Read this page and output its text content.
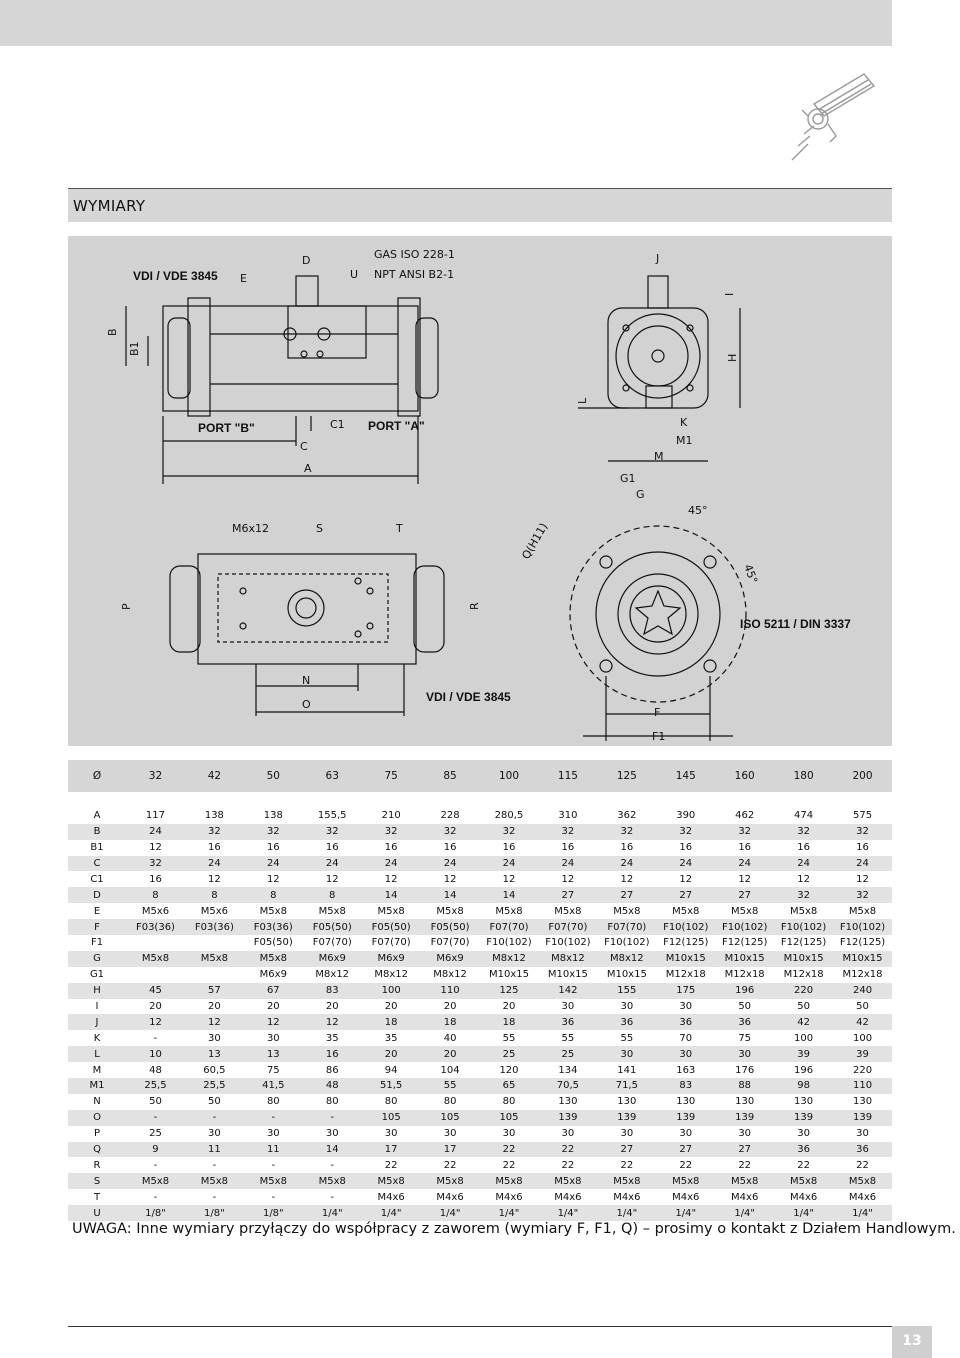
WYMIARY
GAS ISO 228-1
NPT ANSI B2-1
VDI / VDE 3845
VDI / VDE 3845
ISO 5211 / DIN 3337
PORT "B"	PORT "A"
M6x12	Q(H11)
45°
45°
D
E	U
B
B1
C
C1
A
J
I
H
L
K
M1
M
G1
G
S	T
P	R
N
O
F
F1
Ø	32	42	50	63	75	85	100	115	125	145	160	180	200

A	117	138	138	155,5	210	228	280,5	310	362	390	462	474	575
B	24	32	32	32	32	32	32	32	32	32	32	32	32
B1	12	16	16	16	16	16	16	16	16	16	16	16	16
C	32	24	24	24	24	24	24	24	24	24	24	24	24
C1	16	12	12	12	12	12	12	12	12	12	12	12	12
D	8	8	8	8	14	14	14	27	27	27	27	32	32
E	M5x6	M5x6	M5x8	M5x8	M5x8	M5x8	M5x8	M5x8	M5x8	M5x8	M5x8	M5x8	M5x8
F	F03(36)	F03(36)	F03(36)	F05(50)	F05(50)	F05(50)	F07(70)	F07(70)	F07(70)	F10(102)	F10(102)	F10(102)	F10(102)
F1			F05(50)	F07(70)	F07(70)	F07(70)	F10(102)	F10(102)	F10(102)	F12(125)	F12(125)	F12(125)	F12(125)
G	M5x8	M5x8	M5x8	M6x9	M6x9	M6x9	M8x12	M8x12	M8x12	M10x15	M10x15	M10x15	M10x15
G1			M6x9	M8x12	M8x12	M8x12	M10x15	M10x15	M10x15	M12x18	M12x18	M12x18	M12x18
H	45	57	67	83	100	110	125	142	155	175	196	220	240
I	20	20	20	20	20	20	20	30	30	30	50	50	50
J	12	12	12	12	18	18	18	36	36	36	36	42	42
K	-	30	30	35	35	40	55	55	55	70	75	100	100
L	10	13	13	16	20	20	25	25	30	30	30	39	39
M	48	60,5	75	86	94	104	120	134	141	163	176	196	220
M1	25,5	25,5	41,5	48	51,5	55	65	70,5	71,5	83	88	98	110
N	50	50	80	80	80	80	80	130	130	130	130	130	130
O	-	-	-	-	105	105	105	139	139	139	139	139	139
P	25	30	30	30	30	30	30	30	30	30	30	30	30
Q	9	11	11	14	17	17	22	22	27	27	27	36	36
R	-	-	-	-	22	22	22	22	22	22	22	22	22
S	M5x8	M5x8	M5x8	M5x8	M5x8	M5x8	M5x8	M5x8	M5x8	M5x8	M5x8	M5x8	M5x8
T	-	-	-	-	M4x6	M4x6	M4x6	M4x6	M4x6	M4x6	M4x6	M4x6	M4x6
U	1/8"	1/8"	1/8"	1/4"	1/4"	1/4"	1/4"	1/4"	1/4"	1/4"	1/4"	1/4"	1/4"
UWAGA: Inne wymiary przyłączy do współpracy z zaworem (wymiary F, F1, Q) – prosimy o kontakt z Działem Handlowym.
13
